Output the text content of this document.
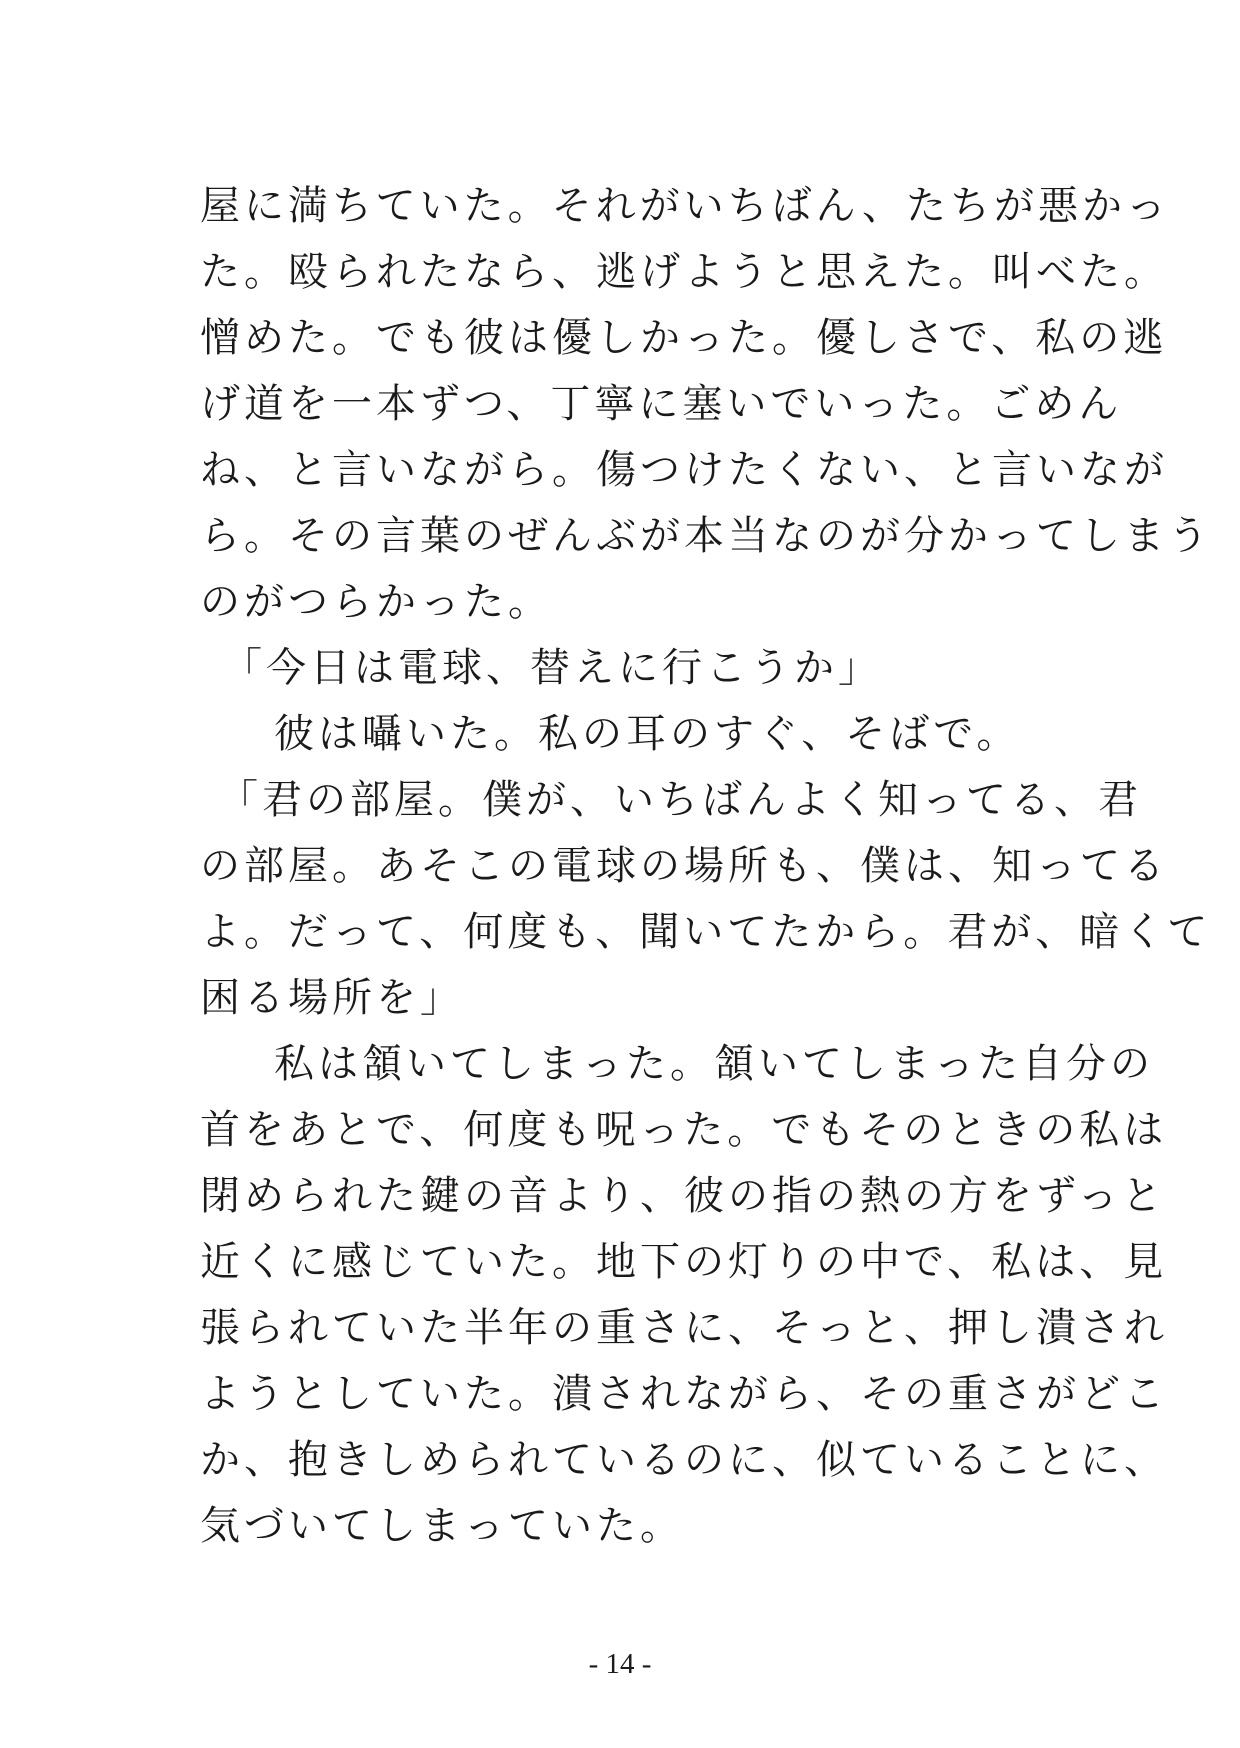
屋に満ちていた。それがいちばん、たちが悪かっ
た。殴られたなら、逃げようと思えた。叫べた。
憎めた。でも彼は優しかった。優しさで、私の逃
げ道を一本ずつ、丁寧に塞いでいった。ごめん
ね、と言いながら。傷つけたくない、と言いなが
ら。その言葉のぜんぶが本当なのが分かってしまう
のがつらかった。
「今日は電球、替えに行こうか」
彼は囁いた。私の耳のすぐ、そばで。
「君の部屋。僕が、いちばんよく知ってる、君
の部屋。あそこの電球の場所も、僕は、知ってる
よ。だって、何度も、聞いてたから。君が、暗くて
困る場所を」
私は頷いてしまった。頷いてしまった自分の
首をあとで、何度も呪った。でもそのときの私は
閉められた鍵の音より、彼の指の熱の方をずっと
近くに感じていた。地下の灯りの中で、私は、見
張られていた半年の重さに、そっと、押し潰され
ようとしていた。潰されながら、その重さがどこ
か、抱きしめられているのに、似ていることに、
気づいてしまっていた。
- 14 -
